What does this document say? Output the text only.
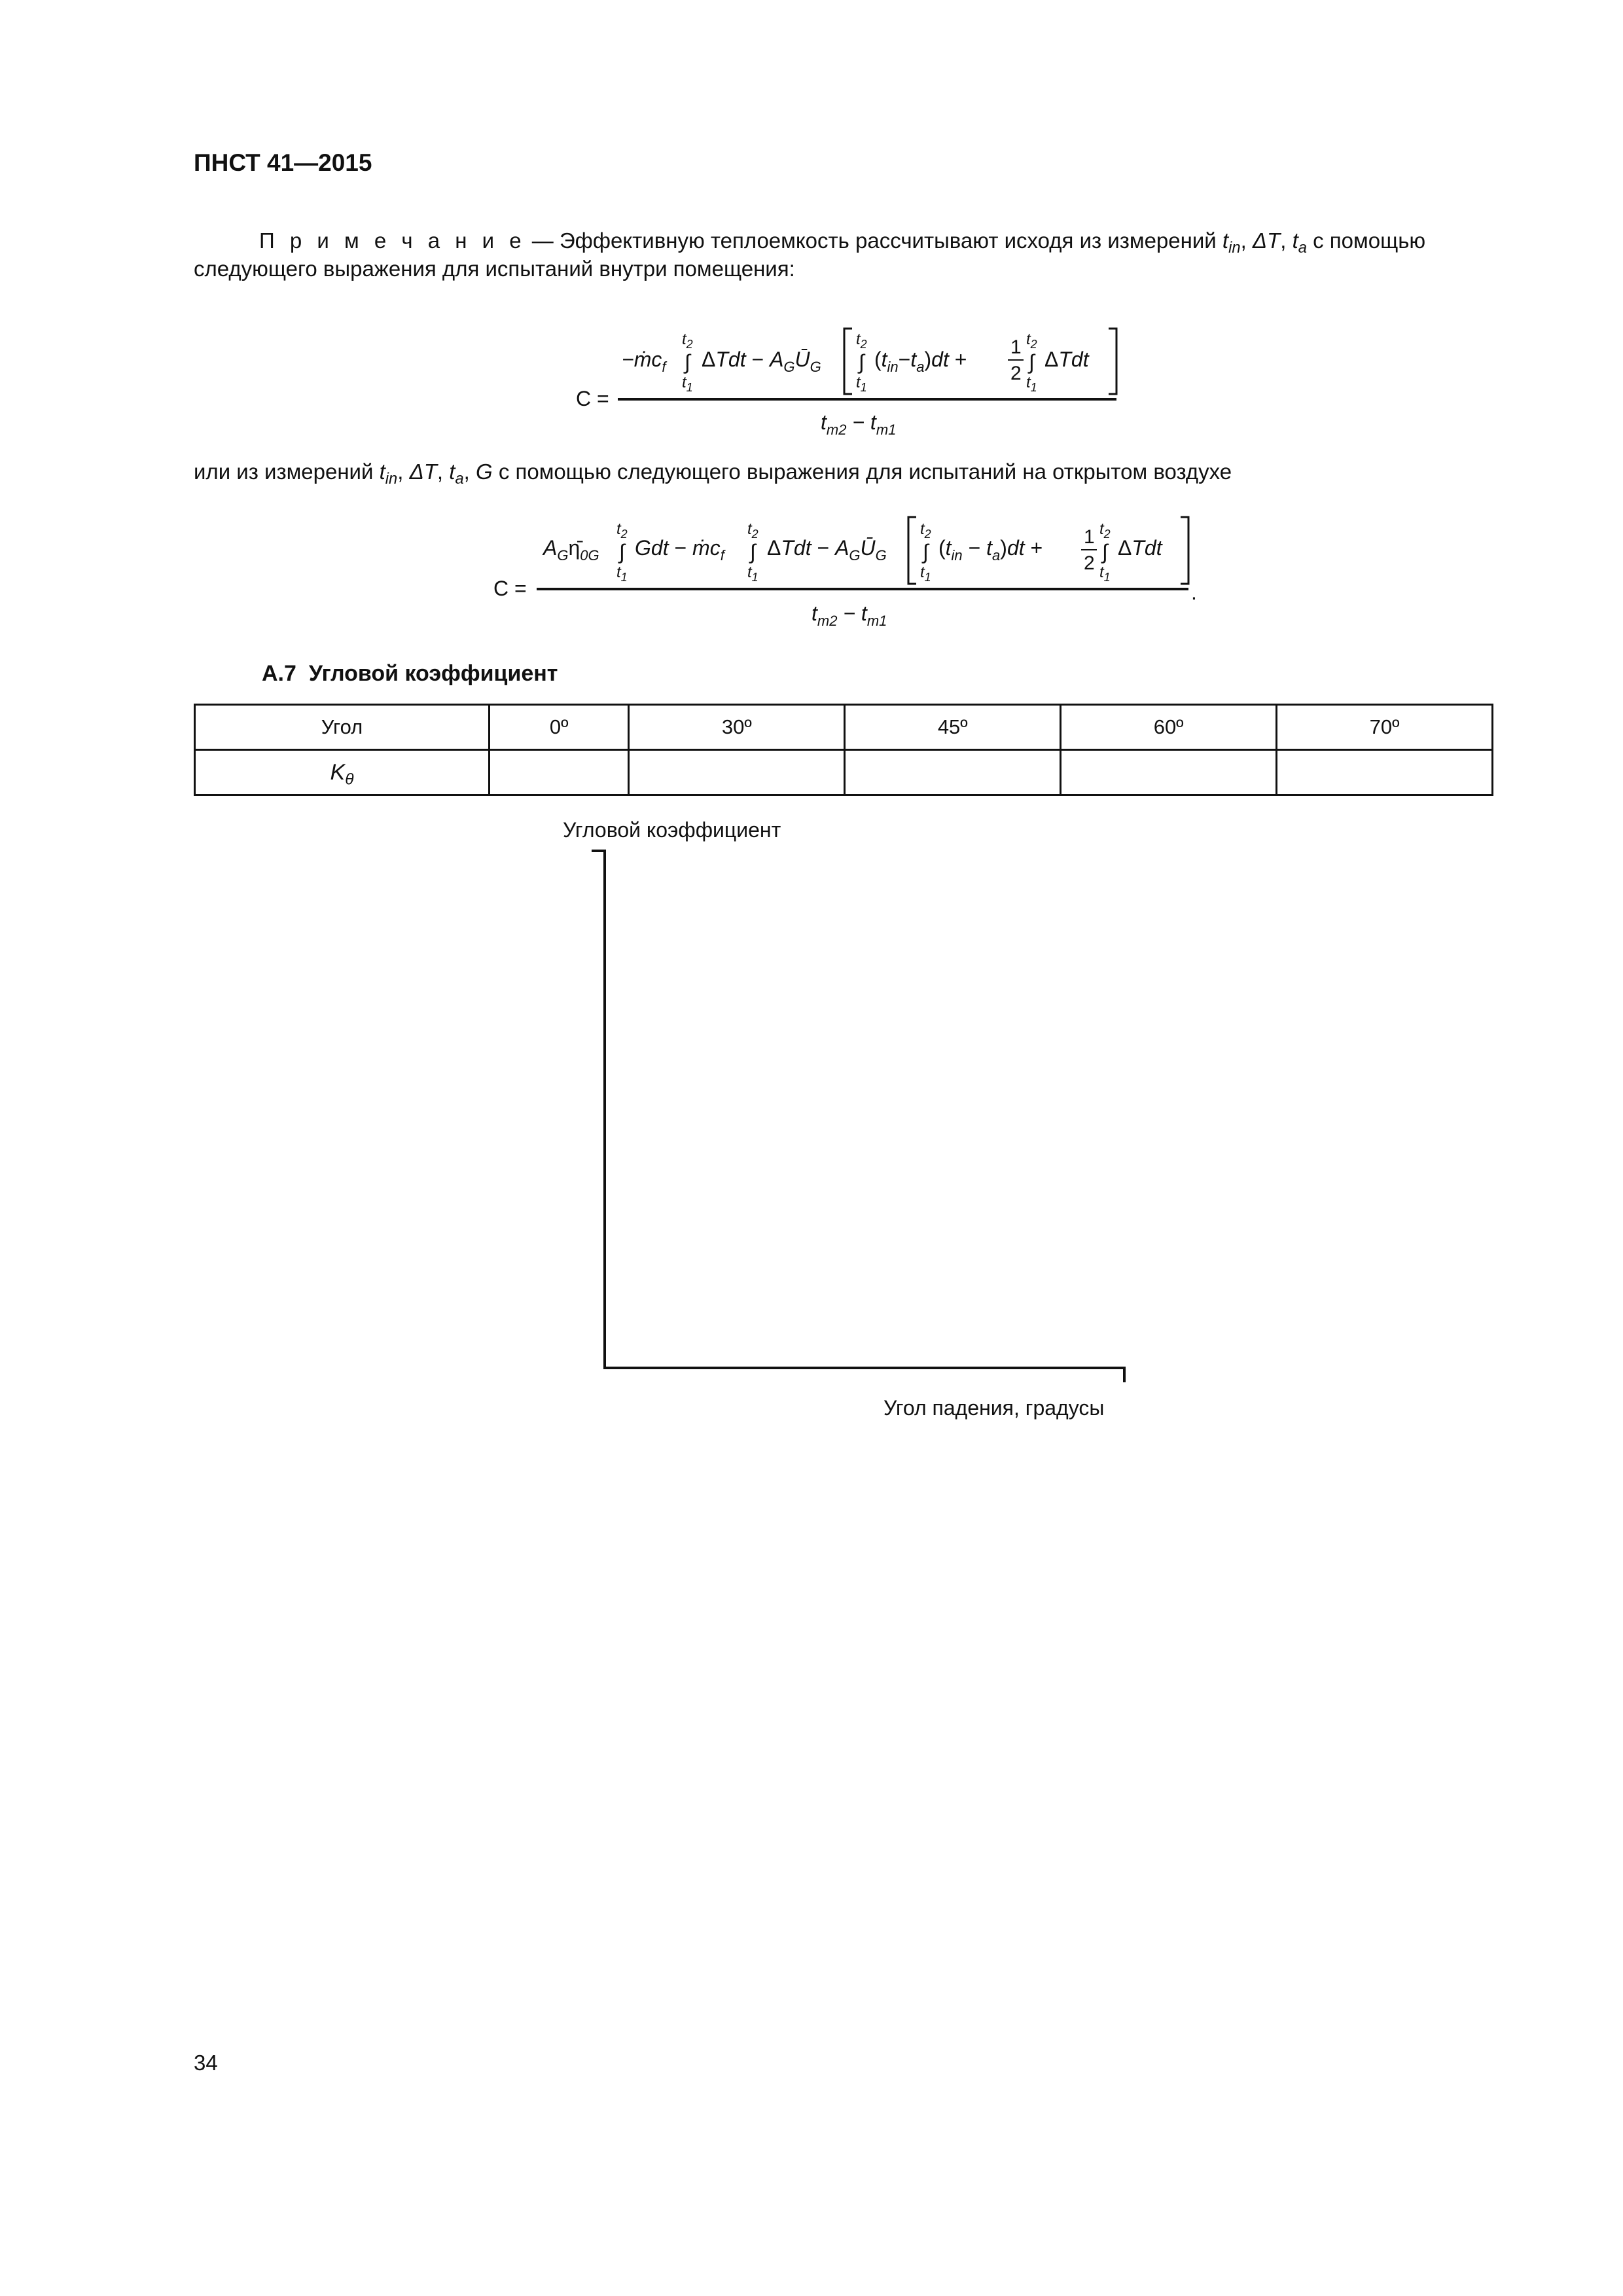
ПНСТ 41—2015
П р и м е ч а н и е — Эффективную теплоемкость рассчитывают исходя из измерений $t_{in}$, ΔT, $t_a$ с помощью
следующего выражения для испытаний внутри помещения:
C =
−ṁc$_f$
$t_2$
∫
$t_1$
$\Delta Tdt - A_GŪ_G$
$t_2$
∫
$t_1$
$(t_{in}-t_a)dt$ +
1
2
$t_2$
∫
$t_1$
ΔTdt
$t_{m2} - t_{m1}$
или из измерений $t_{in}$, ΔT, $t_a$, G с помощью следующего выражения для испытаний на открытом воздухе
C =	.
$A_G\etā_{0G}$
$t_2$
∫
$t_1$
Gdt − ṁc$_f$
$t_2$
∫
$t_1$
$\Delta Tdt - A_GŪ_G$
$t_2$
∫
$t_1$
$(t_{in} - t_a)dt + 1$
2
$t_2$
∫
$t_1$
ΔTdt
$t_{m2} - t_{m1}$
А.7 Угловой коэффициент
Угол	0º	30º	45º	60º	70º
$K_\theta$					
Угловой коэффициент
Угол падения, градусы
34
